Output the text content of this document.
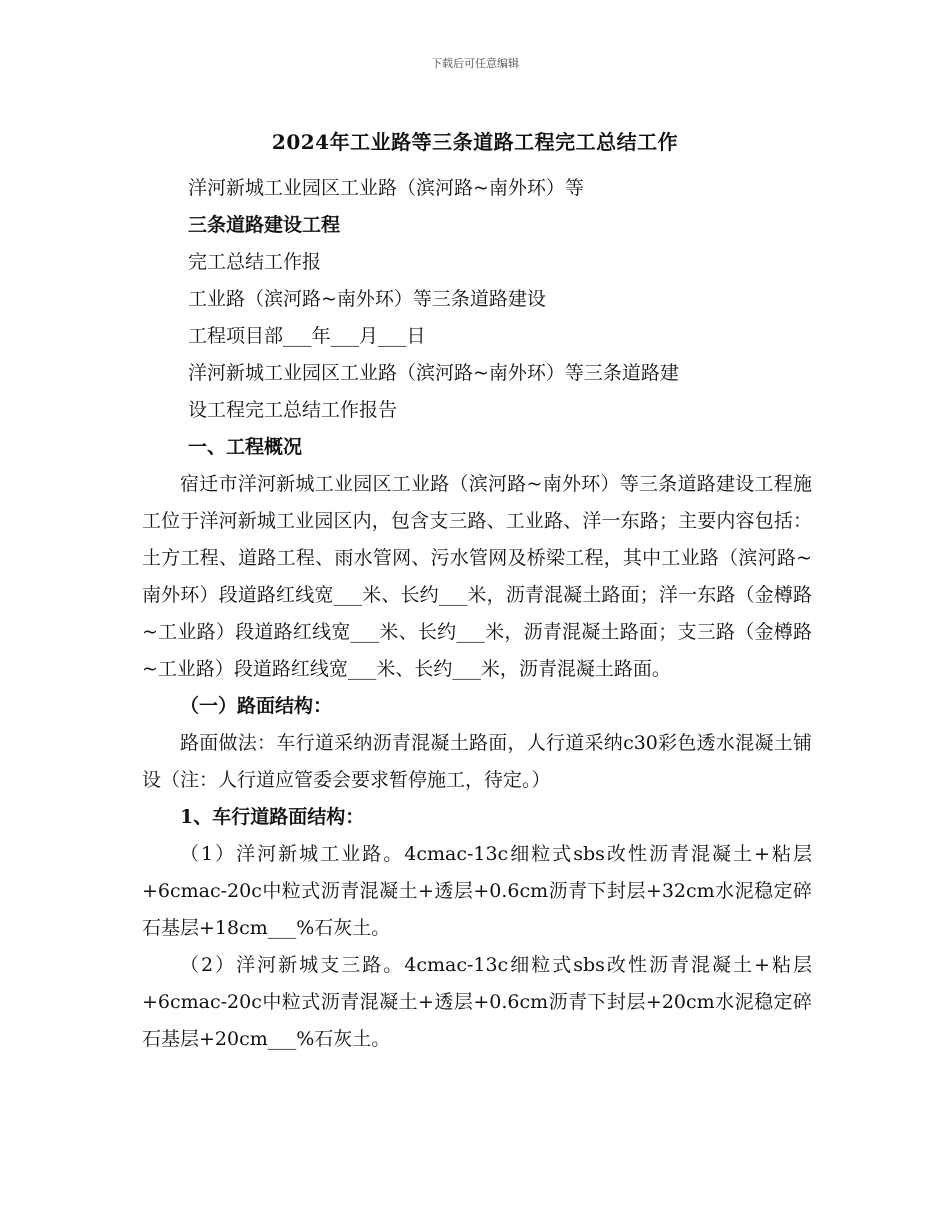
下载后可任意编辑
2024年工业路等三条道路工程完工总结工作
洋河新城工业园区工业路（滨河路~南外环）等
三条道路建设工程
完工总结工作报
工业路（滨河路~南外环）等三条道路建设
工程项目部___年___月___日
洋河新城工业园区工业路（滨河路~南外环）等三条道路建
设工程完工总结工作报告
一、工程概况
宿迁市洋河新城工业园区工业路（滨河路~南外环）等三条道路建设工程施工位于洋河新城工业园区内，包含支三路、工业路、洋一东路；主要内容包括：土方工程、道路工程、雨水管网、污水管网及桥梁工程，其中工业路（滨河路~南外环）段道路红线宽___米、长约___米，沥青混凝土路面；洋一东路（金樽路~工业路）段道路红线宽___米、长约___米，沥青混凝土路面；支三路（金樽路~工业路）段道路红线宽___米、长约___米，沥青混凝土路面。
（一）路面结构：
路面做法：车行道采纳沥青混凝土路面，人行道采纳c30彩色透水混凝土铺设（注：人行道应管委会要求暂停施工，待定。）
1、车行道路面结构：
（1）洋河新城工业路。4cmac-13c细粒式sbs改性沥青混凝土+粘层+6cmac-20c中粒式沥青混凝土+透层+0.6cm沥青下封层+32cm水泥稳定碎石基层+18cm___%石灰土。
（2）洋河新城支三路。4cmac-13c细粒式sbs改性沥青混凝土+粘层+6cmac-20c中粒式沥青混凝土+透层+0.6cm沥青下封层+20cm水泥稳定碎石基层+20cm___%石灰土。
